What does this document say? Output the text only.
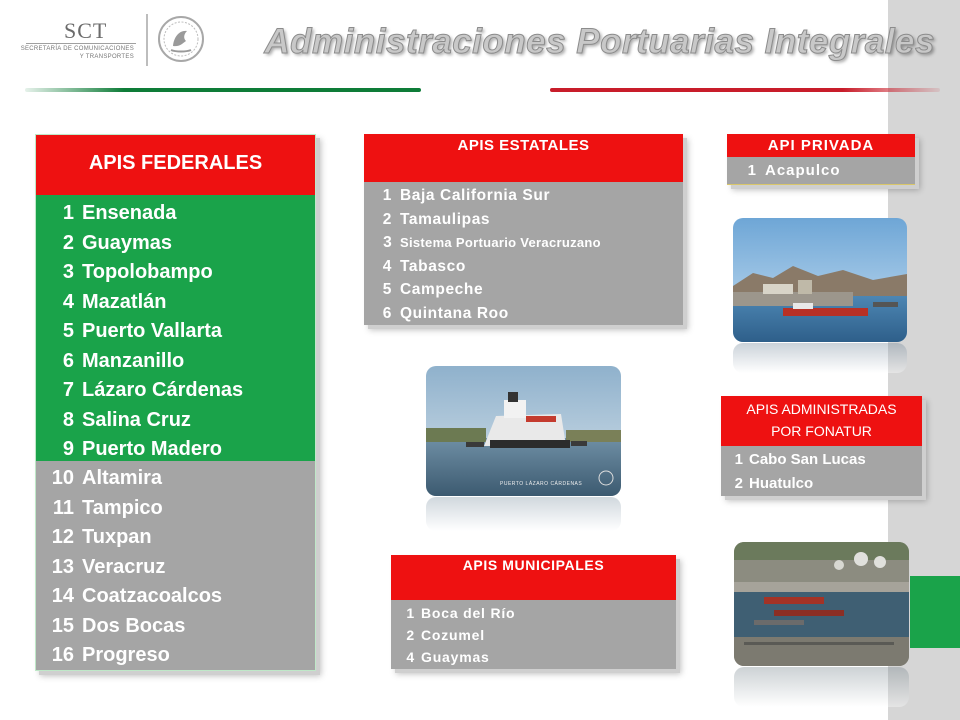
SCT
SECRETARÍA DE COMUNICACIONES
Y TRANSPORTES	Administraciones Portuarias Integrales
APIS FEDERALES
1 Ensenada
2 Guaymas
3 Topolobampo
4 Mazatlán
5 Puerto Vallarta
6 Manzanillo
7 Lázaro Cárdenas
8 Salina Cruz
9 Puerto Madero
10 Altamira
11 Tampico
12 Tuxpan
13 Veracruz
14 Coatzacoalcos
15 Dos Bocas
16 Progreso
APIS ESTATALES
1 Baja California Sur
2 Tamaulipas
3 Sistema Portuario Veracruzano
4 Tabasco
5 Campeche
6 Quintana Roo
API PRIVADA
1 Acapulco
PUERTO LÁZARO CÁRDENAS
APIS ADMINISTRADAS
POR FONATUR
1 Cabo San Lucas
2 Huatulco
APIS MUNICIPALES
1 Boca del Río
2 Cozumel
4 Guaymas
